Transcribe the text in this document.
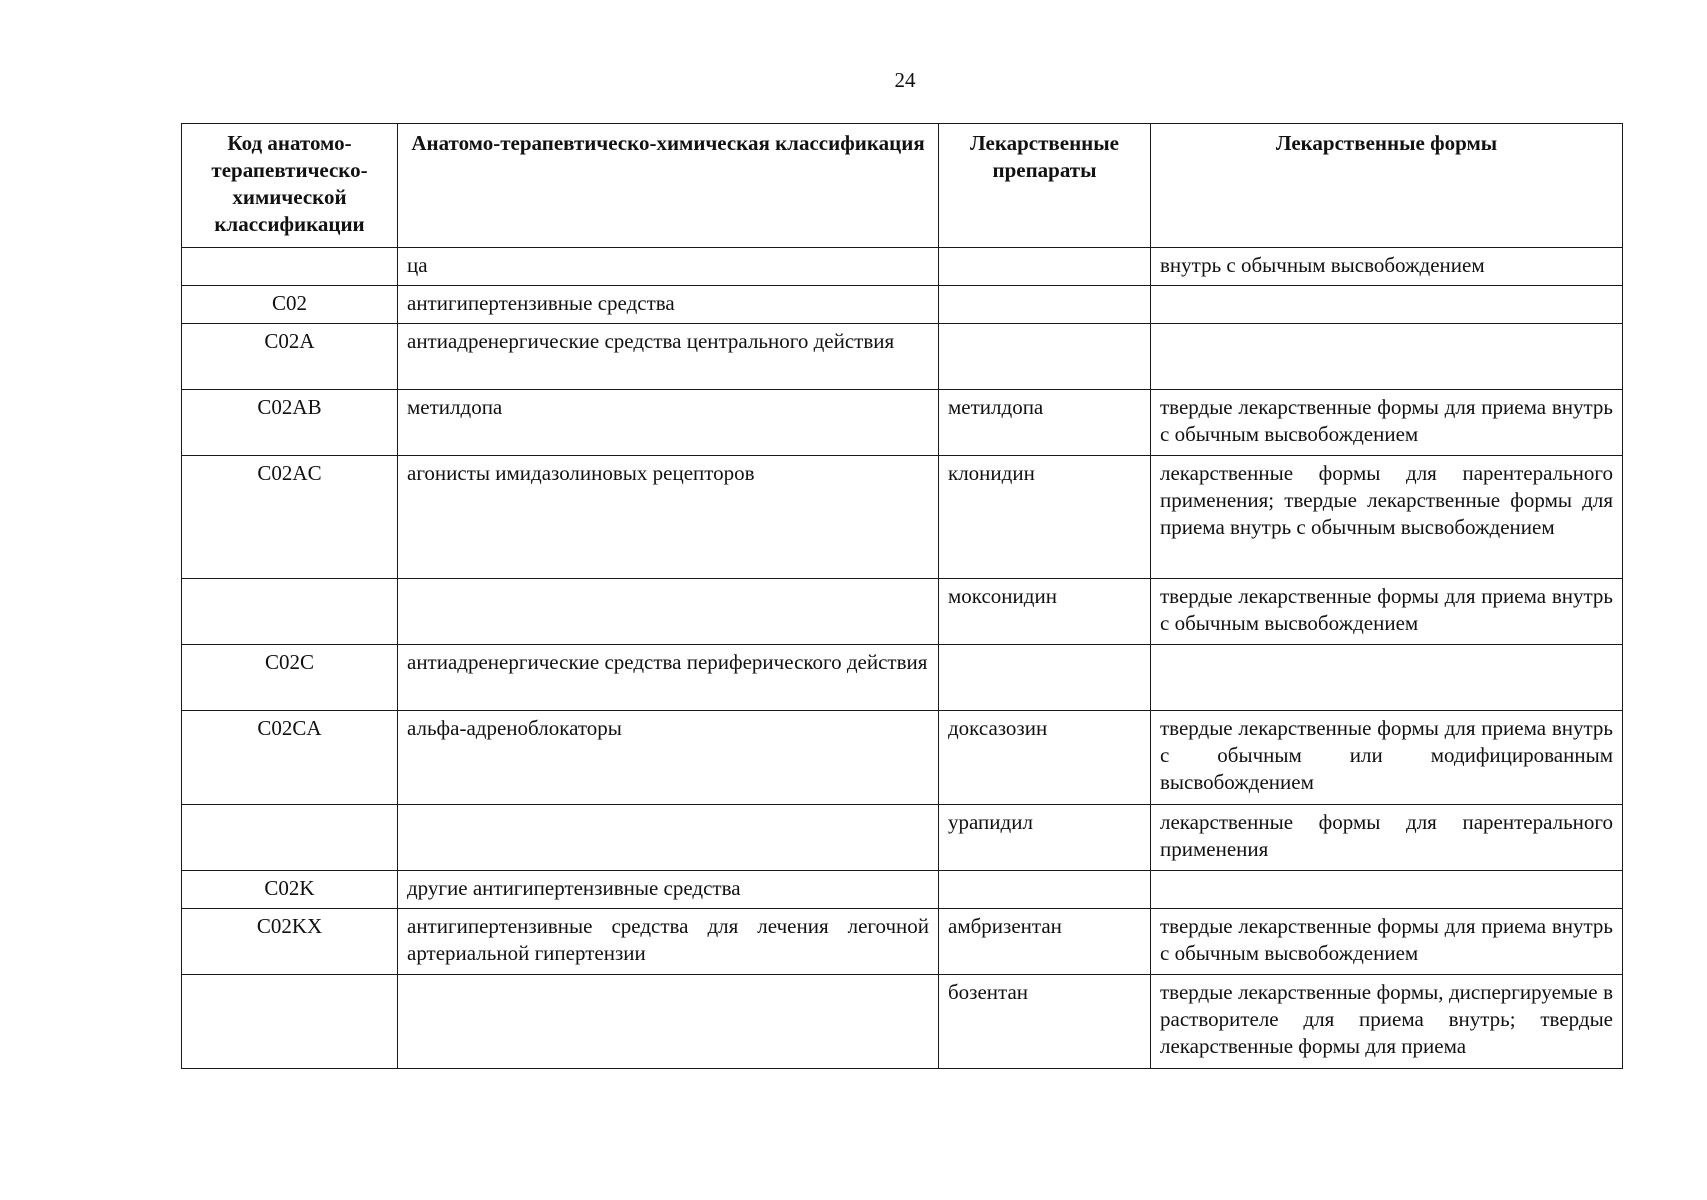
24
Код анатомо-терапевтическо-химической классификации	Анатомо-терапевтическо-химическая классификация	Лекарственные препараты	Лекарственные формы
	ца		внутрь с обычным высвобождением
C02	антигипертензивные средства		
C02A	антиадренергические средства центрального действия		
C02AB	метилдопа	метилдопа	твердые лекарственные формы для приема внутрь с обычным высвобождением
C02AC	агонисты имидазолиновых рецепторов	клонидин	лекарственные формы для парентерального применения; твердые лекарственные формы для приема внутрь с обычным высвобождением
		моксонидин	твердые лекарственные формы для приема внутрь с обычным высвобождением
C02C	антиадренергические средства периферического действия		
C02CA	альфа-адреноблокаторы	доксазозин	твердые лекарственные формы для приема внутрь с обычным или модифицированным высвобождением
		урапидил	лекарственные формы для парентерального применения
C02K	другие антигипертензивные средства		
C02KX	антигипертензивные средства для лечения легочной артериальной гипертензии	амбризентан	твердые лекарственные формы для приема внутрь с обычным высвобождением
		бозентан	твердые лекарственные формы, диспергируемые в растворителе для приема внутрь; твердые лекарственные формы для приема
